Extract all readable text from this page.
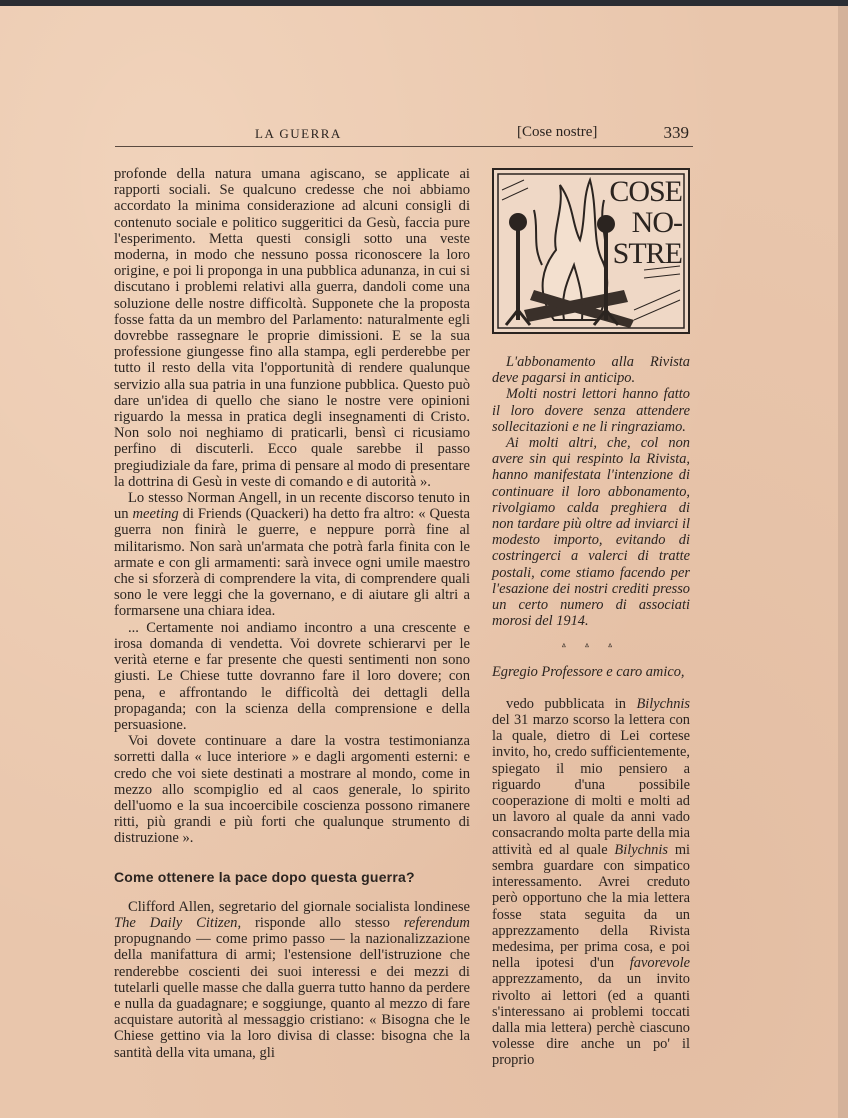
LA GUERRA	[Cose nostre]	339

profonde della natura umana agiscano, se applicate ai rapporti sociali. Se qualcuno credesse che noi abbiamo accordato la minima considerazione ad alcuni consigli di contenuto sociale e politico suggeritici da Gesù, faccia pure l'esperimento. Metta questi consigli sotto una veste moderna, in modo che nessuno possa riconoscere la loro origine, e poi li proponga in una pubblica adunanza, in cui si discutano i problemi relativi alla guerra, dandoli come una soluzione delle nostre difficoltà. Supponete che la proposta fosse fatta da un membro del Parlamento: naturalmente egli dovrebbe rassegnare le proprie dimissioni. E se la sua professione giungesse fino alla stampa, egli perderebbe per tutto il resto della vita l'opportunità di rendere qualunque servizio alla sua patria in una funzione pubblica. Questo può dare un'idea di quello che siano le nostre vere opinioni riguardo la messa in pratica degli insegnamenti di Cristo. Non solo noi neghiamo di praticarli, bensì ci ricusiamo perfino di discuterli. Ecco quale sarebbe il passo pregiudiziale da fare, prima di pensare al modo di presentare la dottrina di Gesù in veste di comando e di autorità ».

Lo stesso Norman Angell, in un recente discorso tenuto in un meeting di Friends (Quackeri) ha detto fra altro: « Questa guerra non finirà le guerre, e neppure porrà fine al militarismo. Non sarà un'armata che potrà farla finita con le armate e con gli armamenti: sarà invece ogni umile maestro che si sforzerà di comprendere la vita, di comprendere quali sono le vere leggi che la governano, e di aiutare gli altri a formarsene una chiara idea.

... Certamente noi andiamo incontro a una crescente e irosa domanda di vendetta. Voi dovrete schierarvi per le verità eterne e far presente che questi sentimenti non sono giusti. Le Chiese tutte dovranno fare il loro dovere; con pena, e affrontando le difficoltà dei dettagli della propaganda; con la scienza della comprensione e della persuasione.

Voi dovete continuare a dare la vostra testimonianza sorretti dalla « luce interiore » e dagli argomenti esterni: e credo che voi siete destinati a mostrare al mondo, come in mezzo allo scompiglio ed al caos generale, lo spirito dell'uomo e la sua incoercibile coscienza possono rimanere ritti, più grandi e più forti che qualunque strumento di distruzione ».

Come ottenere la pace dopo questa guerra?

Clifford Allen, segretario del giornale socialista londinese The Daily Citizen, risponde allo stesso referendum propugnando — come primo passo — la nazionalizzazione della manifattura di armi; l'estensione dell'istruzione che renderebbe coscienti dei suoi interessi e dei mezzi di tutelarli quelle masse che dalla guerra tutto hanno da perdere e nulla da guadagnare; e soggiunge, quanto al mezzo di fare acquistare autorità al messaggio cristiano: « Bisogna che le Chiese gettino via la loro divisa di classe: bisogna che la santità della vita umana, gli

COSE
NO-
STRE

L'abbonamento alla Rivista deve pagarsi in anticipo.

Molti nostri lettori hanno fatto il loro dovere senza attendere sollecitazioni e ne li ringraziamo.

Ai molti altri, che, col non avere sin qui respinto la Rivista, hanno manifestata l'intenzione di continuare il loro abbonamento, rivolgiamo calda preghiera di non tardare più oltre ad inviarci il modesto importo, evitando di costringerci a valerci di tratte postali, come stiamo facendo per l'esazione dei nostri crediti presso un certo numero di associati morosi del 1914.

ᐞ ᐞ ᐞ
Egregio Professore e caro amico,

vedo pubblicata in Bilychnis del 31 marzo scorso la lettera con la quale, dietro di Lei cortese invito, ho, credo sufficientemente, spiegato il mio pensiero a riguardo d'una possibile cooperazione di molti e molti ad un lavoro al quale da anni vado consacrando molta parte della mia attività ed al quale Bilychnis mi sembra guardare con simpatico interessamento. Avrei creduto però opportuno che la mia lettera fosse stata seguita da un apprezzamento della Rivista medesima, per prima cosa, e poi nella ipotesi d'un favorevole apprezzamento, da un invito rivolto ai lettori (ed a quanti s'interessano ai problemi toccati dalla mia lettera) perchè ciascuno volesse dire anche un po' il proprio
